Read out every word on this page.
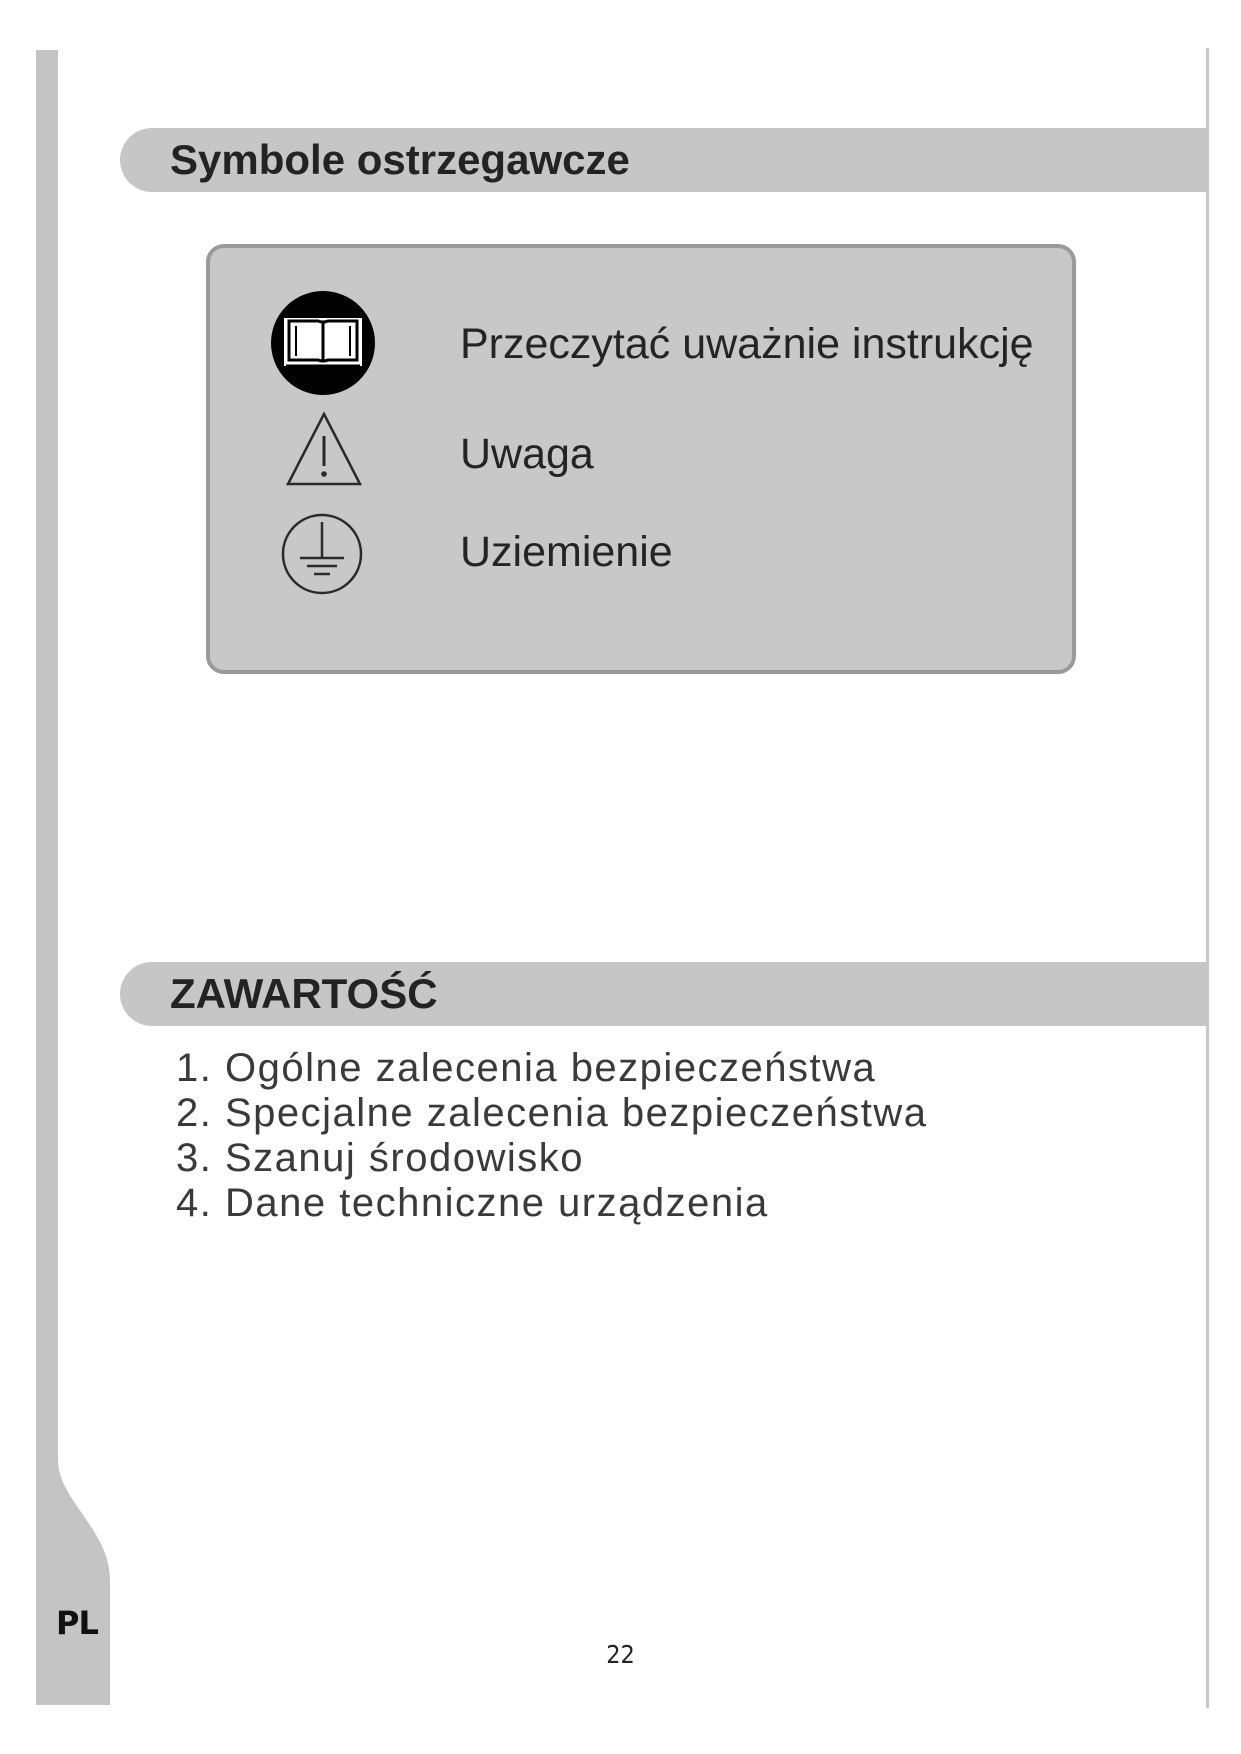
Symbole ostrzegawcze
Przeczytać uważnie instrukcję
Uwaga
Uziemienie
ZAWARTOŚĆ
1. Ogólne zalecenia bezpieczeństwa
2. Specjalne zalecenia bezpieczeństwa
3. Szanuj środowisko
4. Dane techniczne urządzenia
PL
22
